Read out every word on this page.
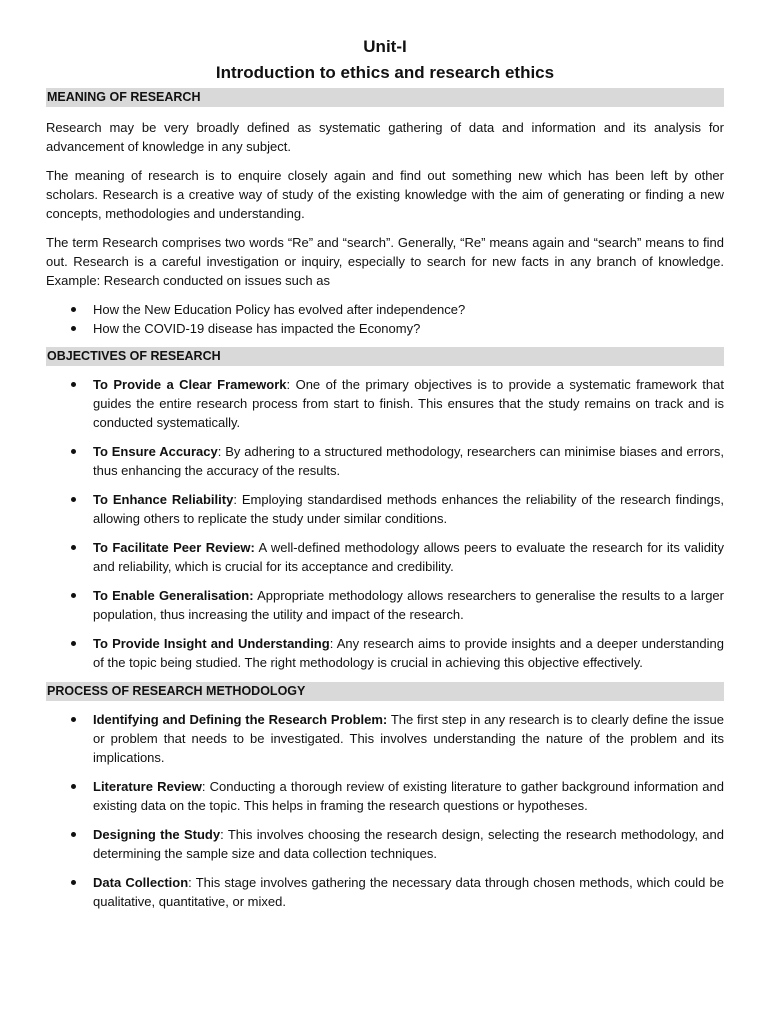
Unit-I
Introduction to ethics and research ethics
MEANING OF RESEARCH

Research may be very broadly defined as systematic gathering of data and information and its analysis for advancement of knowledge in any subject.

The meaning of research is to enquire closely again and find out something new which has been left by other scholars. Research is a creative way of study of the existing knowledge with the aim of generating or finding a new concepts, methodologies and understanding.

The term Research comprises two words “Re” and “search”. Generally, “Re” means again and “search” means to find out. Research is a careful investigation or inquiry, especially to search for new facts in any branch of knowledge. Example: Research conducted on issues such as

How the New Education Policy has evolved after independence?
How the COVID-19 disease has impacted the Economy?
OBJECTIVES OF RESEARCH
To Provide a Clear Framework: One of the primary objectives is to provide a systematic framework that guides the entire research process from start to finish. This ensures that the study remains on track and is conducted systematically.
To Ensure Accuracy: By adhering to a structured methodology, researchers can minimise biases and errors, thus enhancing the accuracy of the results.
To Enhance Reliability: Employing standardised methods enhances the reliability of the research findings, allowing others to replicate the study under similar conditions.
To Facilitate Peer Review: A well-defined methodology allows peers to evaluate the research for its validity and reliability, which is crucial for its acceptance and credibility.
To Enable Generalisation: Appropriate methodology allows researchers to generalise the results to a larger population, thus increasing the utility and impact of the research.
To Provide Insight and Understanding: Any research aims to provide insights and a deeper understanding of the topic being studied. The right methodology is crucial in achieving this objective effectively.
PROCESS OF RESEARCH METHODOLOGY
Identifying and Defining the Research Problem: The first step in any research is to clearly define the issue or problem that needs to be investigated. This involves understanding the nature of the problem and its implications.
Literature Review: Conducting a thorough review of existing literature to gather background information and existing data on the topic. This helps in framing the research questions or hypotheses.
Designing the Study: This involves choosing the research design, selecting the research methodology, and determining the sample size and data collection techniques.
Data Collection: This stage involves gathering the necessary data through chosen methods, which could be qualitative, quantitative, or mixed.
